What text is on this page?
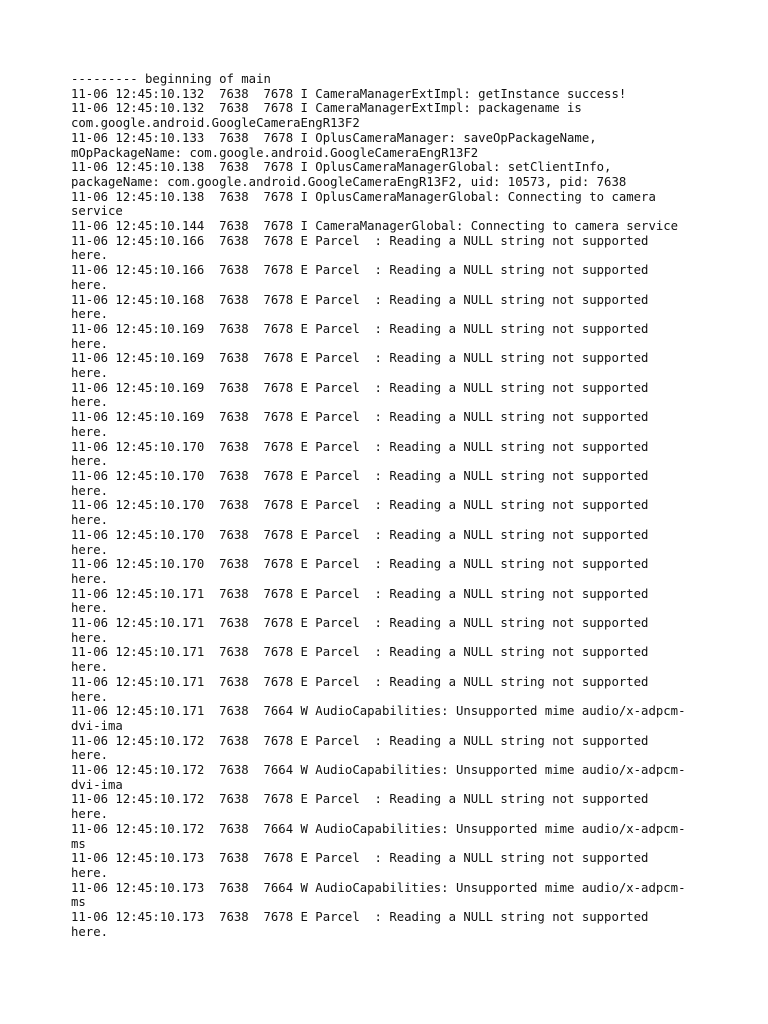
--------- beginning of main
11-06 12:45:10.132  7638  7678 I CameraManagerExtImpl: getInstance success!
11-06 12:45:10.132  7638  7678 I CameraManagerExtImpl: packagename is
com.google.android.GoogleCameraEngR13F2
11-06 12:45:10.133  7638  7678 I OplusCameraManager: saveOpPackageName,
mOpPackageName: com.google.android.GoogleCameraEngR13F2
11-06 12:45:10.138  7638  7678 I OplusCameraManagerGlobal: setClientInfo,
packageName: com.google.android.GoogleCameraEngR13F2, uid: 10573, pid: 7638
11-06 12:45:10.138  7638  7678 I OplusCameraManagerGlobal: Connecting to camera
service
11-06 12:45:10.144  7638  7678 I CameraManagerGlobal: Connecting to camera service
11-06 12:45:10.166  7638  7678 E Parcel  : Reading a NULL string not supported
here.
11-06 12:45:10.166  7638  7678 E Parcel  : Reading a NULL string not supported
here.
11-06 12:45:10.168  7638  7678 E Parcel  : Reading a NULL string not supported
here.
11-06 12:45:10.169  7638  7678 E Parcel  : Reading a NULL string not supported
here.
11-06 12:45:10.169  7638  7678 E Parcel  : Reading a NULL string not supported
here.
11-06 12:45:10.169  7638  7678 E Parcel  : Reading a NULL string not supported
here.
11-06 12:45:10.169  7638  7678 E Parcel  : Reading a NULL string not supported
here.
11-06 12:45:10.170  7638  7678 E Parcel  : Reading a NULL string not supported
here.
11-06 12:45:10.170  7638  7678 E Parcel  : Reading a NULL string not supported
here.
11-06 12:45:10.170  7638  7678 E Parcel  : Reading a NULL string not supported
here.
11-06 12:45:10.170  7638  7678 E Parcel  : Reading a NULL string not supported
here.
11-06 12:45:10.170  7638  7678 E Parcel  : Reading a NULL string not supported
here.
11-06 12:45:10.171  7638  7678 E Parcel  : Reading a NULL string not supported
here.
11-06 12:45:10.171  7638  7678 E Parcel  : Reading a NULL string not supported
here.
11-06 12:45:10.171  7638  7678 E Parcel  : Reading a NULL string not supported
here.
11-06 12:45:10.171  7638  7678 E Parcel  : Reading a NULL string not supported
here.
11-06 12:45:10.171  7638  7664 W AudioCapabilities: Unsupported mime audio/x-adpcm-
dvi-ima
11-06 12:45:10.172  7638  7678 E Parcel  : Reading a NULL string not supported
here.
11-06 12:45:10.172  7638  7664 W AudioCapabilities: Unsupported mime audio/x-adpcm-
dvi-ima
11-06 12:45:10.172  7638  7678 E Parcel  : Reading a NULL string not supported
here.
11-06 12:45:10.172  7638  7664 W AudioCapabilities: Unsupported mime audio/x-adpcm-
ms
11-06 12:45:10.173  7638  7678 E Parcel  : Reading a NULL string not supported
here.
11-06 12:45:10.173  7638  7664 W AudioCapabilities: Unsupported mime audio/x-adpcm-
ms
11-06 12:45:10.173  7638  7678 E Parcel  : Reading a NULL string not supported
here.
